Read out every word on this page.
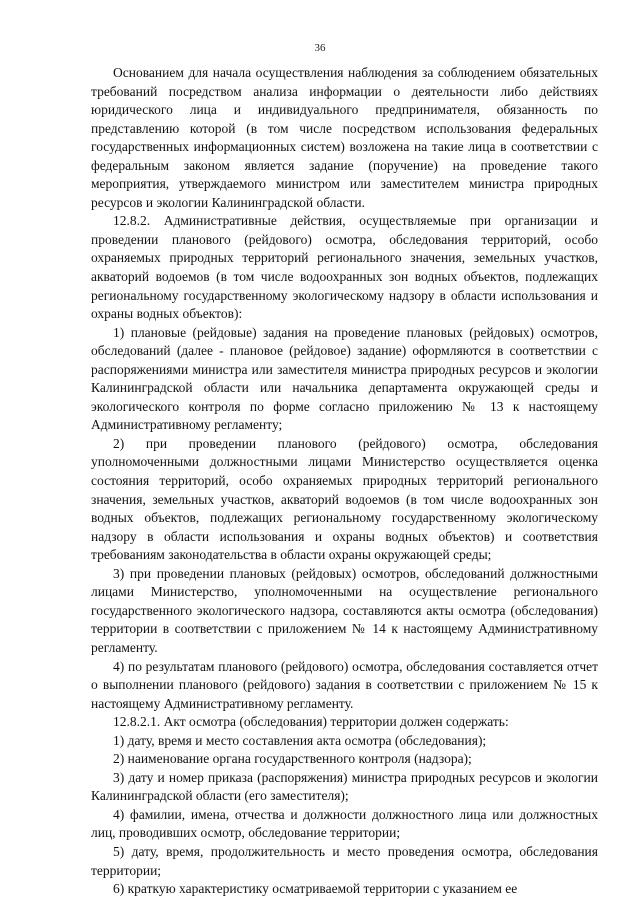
36

Основанием для начала осуществления наблюдения за соблюдением обязательных требований посредством анализа информации о деятельности либо действиях юридического лица и индивидуального предпринимателя, обязанность по представлению которой (в том числе посредством использования федеральных государственных информационных систем) возложена на такие лица в соответствии с федеральным законом является задание (поручение) на проведение такого мероприятия, утверждаемого министром или заместителем министра природных ресурсов и экологии Калининградской области.

12.8.2. Административные действия, осуществляемые при организации и проведении планового (рейдового) осмотра, обследования территорий, особо охраняемых природных территорий регионального значения, земельных участков, акваторий водоемов (в том числе водоохранных зон водных объектов, подлежащих региональному государственному экологическому надзору в области использования и охраны водных объектов):

1) плановые (рейдовые) задания на проведение плановых (рейдовых) осмотров, обследований (далее - плановое (рейдовое) задание) оформляются в соответствии с распоряжениями министра или заместителя министра природных ресурсов и экологии Калининградской области или начальника департамента окружающей среды и экологического контроля по форме согласно приложению № 13 к настоящему Административному регламенту;

2) при проведении планового (рейдового) осмотра, обследования уполномоченными должностными лицами Министерство осуществляется оценка состояния территорий, особо охраняемых природных территорий регионального значения, земельных участков, акваторий водоемов (в том числе водоохранных зон водных объектов, подлежащих региональному государственному экологическому надзору в области использования и охраны водных объектов) и соответствия требованиям законодательства в области охраны окружающей среды;

3) при проведении плановых (рейдовых) осмотров, обследований должностными лицами Министерство, уполномоченными на осуществление регионального государственного экологического надзора, составляются акты осмотра (обследования) территории в соответствии с приложением № 14 к настоящему Административному регламенту.

4) по результатам планового (рейдового) осмотра, обследования составляется отчет о выполнении планового (рейдового) задания в соответствии с приложением № 15 к настоящему Административному регламенту.

12.8.2.1. Акт осмотра (обследования) территории должен содержать:

1) дату, время и место составления акта осмотра (обследования);

2) наименование органа государственного контроля (надзора);

3) дату и номер приказа (распоряжения) министра природных ресурсов и экологии Калининградской области (его заместителя);

4) фамилии, имена, отчества и должности должностного лица или должностных лиц, проводивших осмотр, обследование территории;

5) дату, время, продолжительность и место проведения осмотра, обследования территории;

6) краткую характеристику осматриваемой территории с указанием ее
